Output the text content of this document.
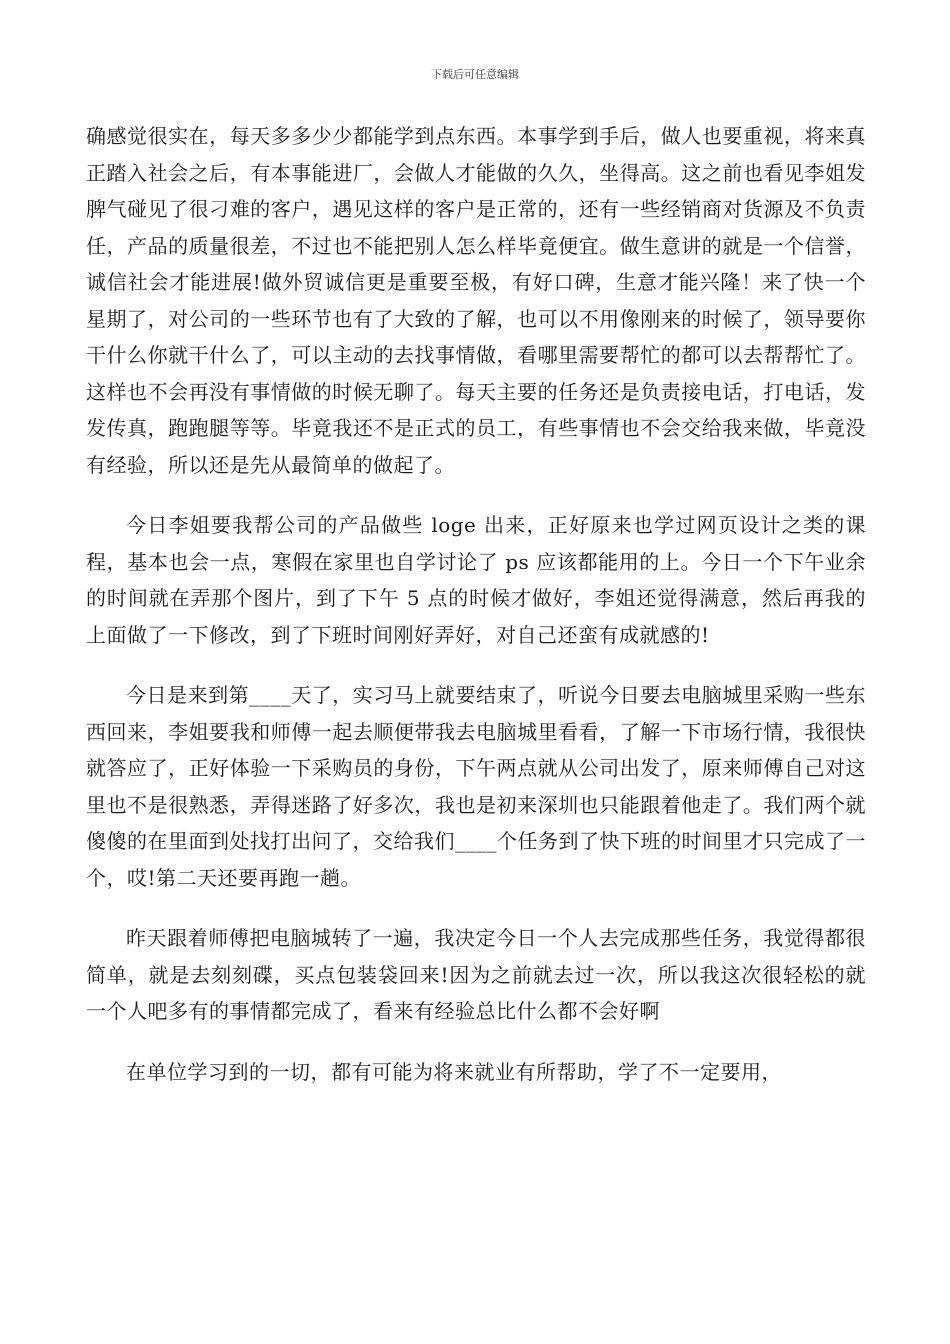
下载后可任意编辑

确感觉很实在，每天多多少少都能学到点东西。本事学到手后，做人也要重视，将来真正踏入社会之后，有本事能进厂，会做人才能做的久久，坐得高。这之前也看见李姐发脾气碰见了很刁难的客户，遇见这样的客户是正常的，还有一些经销商对货源及不负责任，产品的质量很差，不过也不能把别人怎么样毕竟便宜。做生意讲的就是一个信誉，诚信社会才能进展!做外贸诚信更是重要至极，有好口碑，生意才能兴隆！来了快一个星期了，对公司的一些环节也有了大致的了解，也可以不用像刚来的时候了，领导要你干什么你就干什么了，可以主动的去找事情做，看哪里需要帮忙的都可以去帮帮忙了。这样也不会再没有事情做的时候无聊了。每天主要的任务还是负责接电话，打电话，发发传真，跑跑腿等等。毕竟我还不是正式的员工，有些事情也不会交给我来做，毕竟没有经验，所以还是先从最简单的做起了。

今日李姐要我帮公司的产品做些 loge 出来，正好原来也学过网页设计之类的课程，基本也会一点，寒假在家里也自学讨论了 ps 应该都能用的上。今日一个下午业余的时间就在弄那个图片，到了下午 5 点的时候才做好，李姐还觉得满意，然后再我的上面做了一下修改，到了下班时间刚好弄好，对自己还蛮有成就感的!

今日是来到第____天了，实习马上就要结束了，听说今日要去电脑城里采购一些东西回来，李姐要我和师傅一起去顺便带我去电脑城里看看，了解一下市场行情，我很快就答应了，正好体验一下采购员的身份，下午两点就从公司出发了，原来师傅自己对这里也不是很熟悉，弄得迷路了好多次，我也是初来深圳也只能跟着他走了。我们两个就傻傻的在里面到处找打出问了，交给我们____个任务到了快下班的时间里才只完成了一个，哎!第二天还要再跑一趟。

昨天跟着师傅把电脑城转了一遍，我决定今日一个人去完成那些任务，我觉得都很简单，就是去刻刻碟，买点包装袋回来!因为之前就去过一次，所以我这次很轻松的就一个人吧多有的事情都完成了，看来有经验总比什么都不会好啊

在单位学习到的一切，都有可能为将来就业有所帮助，学了不一定要用，
